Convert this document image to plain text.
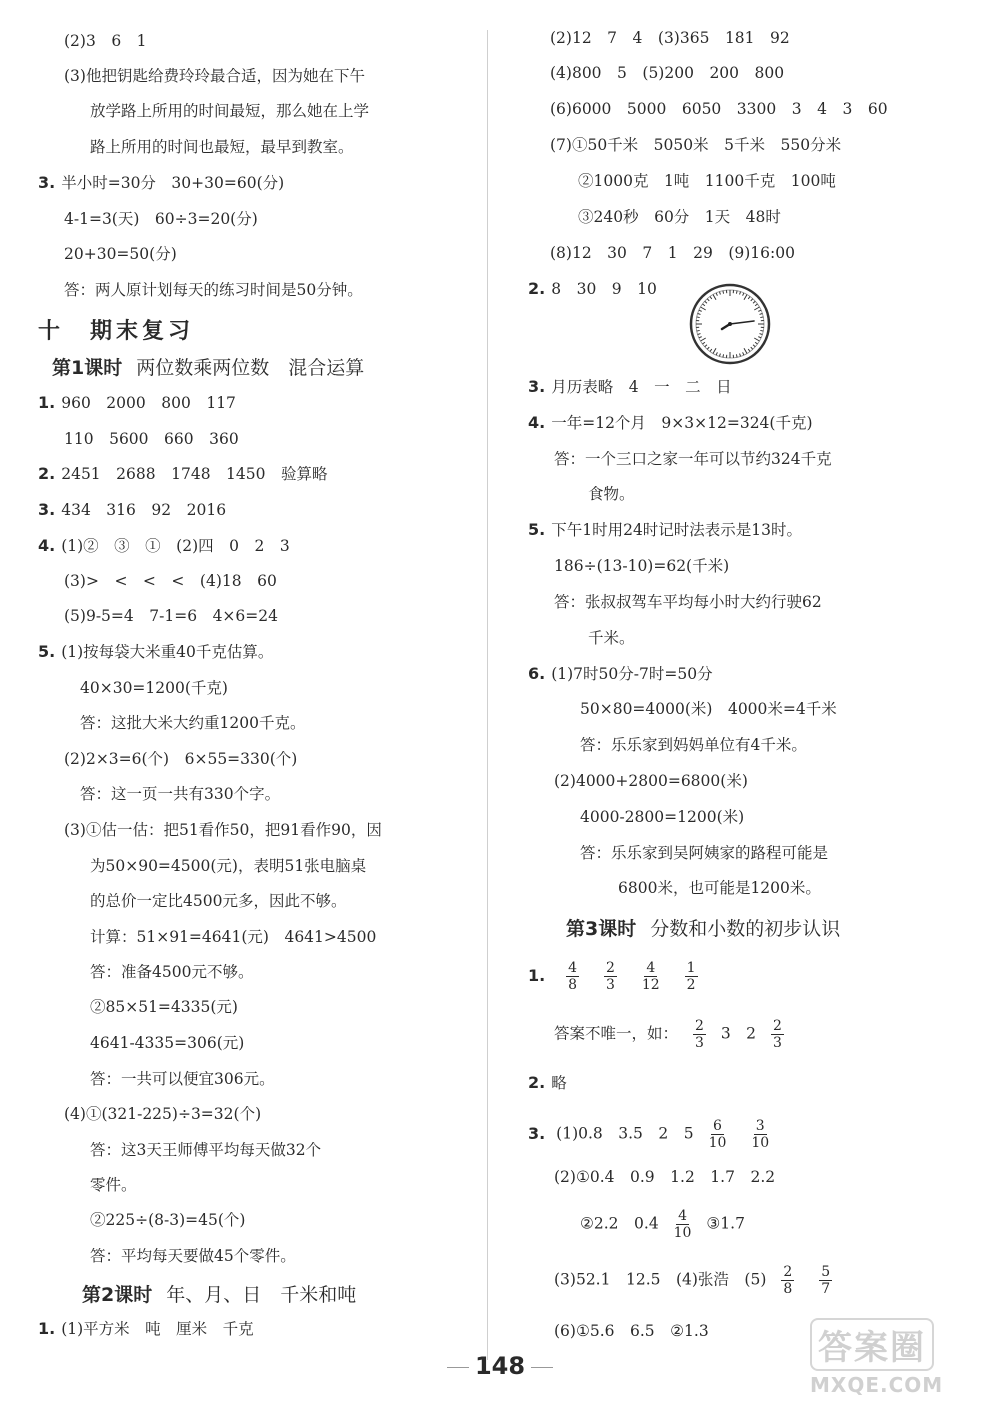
(2)3　6　1
(3)他把钥匙给费玲玲最合适，因为她在下午
放学路上所用的时间最短，那么她在上学
路上所用的时间也最短，最早到教室。
3. 半小时=30分　30+30=60(分)
4-1=3(天)　60÷3=20(分)
20+30=50(分)
答：两人原计划每天的练习时间是50分钟。
十　期末复习
第1课时 两位数乘两位数　混合运算
1. 960　2000　800　117
110　5600　660　360
2. 2451　2688　1748　1450　验算略
3. 434　316　92　2016
4. (1)②　③　①　(2)四　0　2　3
(3)>　<　<　<　(4)18　60
(5)9-5=4　7-1=6　4×6=24
5. (1)按每袋大米重40千克估算。
40×30=1200(千克)
答：这批大米大约重1200千克。
(2)2×3=6(个)　6×55=330(个)
答：这一页一共有330个字。
(3)①估一估：把51看作50，把91看作90，因
为50×90=4500(元)，表明51张电脑桌
的总价一定比4500元多，因此不够。
计算：51×91=4641(元)　4641>4500
答：准备4500元不够。
②85×51=4335(元)
4641-4335=306(元)
答：一共可以便宜306元。
(4)①(321-225)÷3=32(个)
答：这3天王师傅平均每天做32个
零件。
②225÷(8-3)=45(个)
答：平均每天要做45个零件。
第2课时 年、月、日　千米和吨
1. (1)平方米　吨　厘米　千克
(2)12　7　4　(3)365　181　92
(4)800　5　(5)200　200　800
(6)6000　5000　6050　3300　3　4　3　60
(7)①50千米　5050米　5千米　550分米
②1000克　1吨　1100千克　100吨
③240秒　60分　1天　48时
(8)12　30　7　1　29　(9)16:00
2. 8　30　9　10
3. 月历表略　4　一　二　日
4. 一年=12个月　9×3×12=324(千克)
答：一个三口之家一年可以节约324千克
食物。
5. 下午1时用24时记时法表示是13时。
186÷(13-10)=62(千米)
答：张叔叔驾车平均每小时大约行驶62
千米。
6. (1)7时50分-7时=50分
50×80=4000(米)　4000米=4千米
答：乐乐家到妈妈单位有4千米。
(2)4000+2800=6800(米)
4000-2800=1200(米)
答：乐乐家到吴阿姨家的路程可能是
6800米，也可能是1200米。
第3课时 分数和小数的初步认识
1. $\frac{4}{8}$
$\frac{2}{3}$
$\frac{4}{12}$
$\frac{1}{2}$
答案不唯一，如： $\frac{2}{3} 3$　$2 \frac{2}{3}$
2. 略
3. (1)0.8　3.5　2　$5 \frac{6}{10}$
$\frac{3}{10}$
(2)①0.4　0.9　1.2　1.7　2.2
②2.2　$0.4 \frac{4}{10}$ ③1.7
(3)52.1　12.5　(4)张浩　$(5) \frac{2}{8}$
$\frac{5}{7}$
(6)①5.6　6.5　②1.3
148	答案圈
MXQE.COM
